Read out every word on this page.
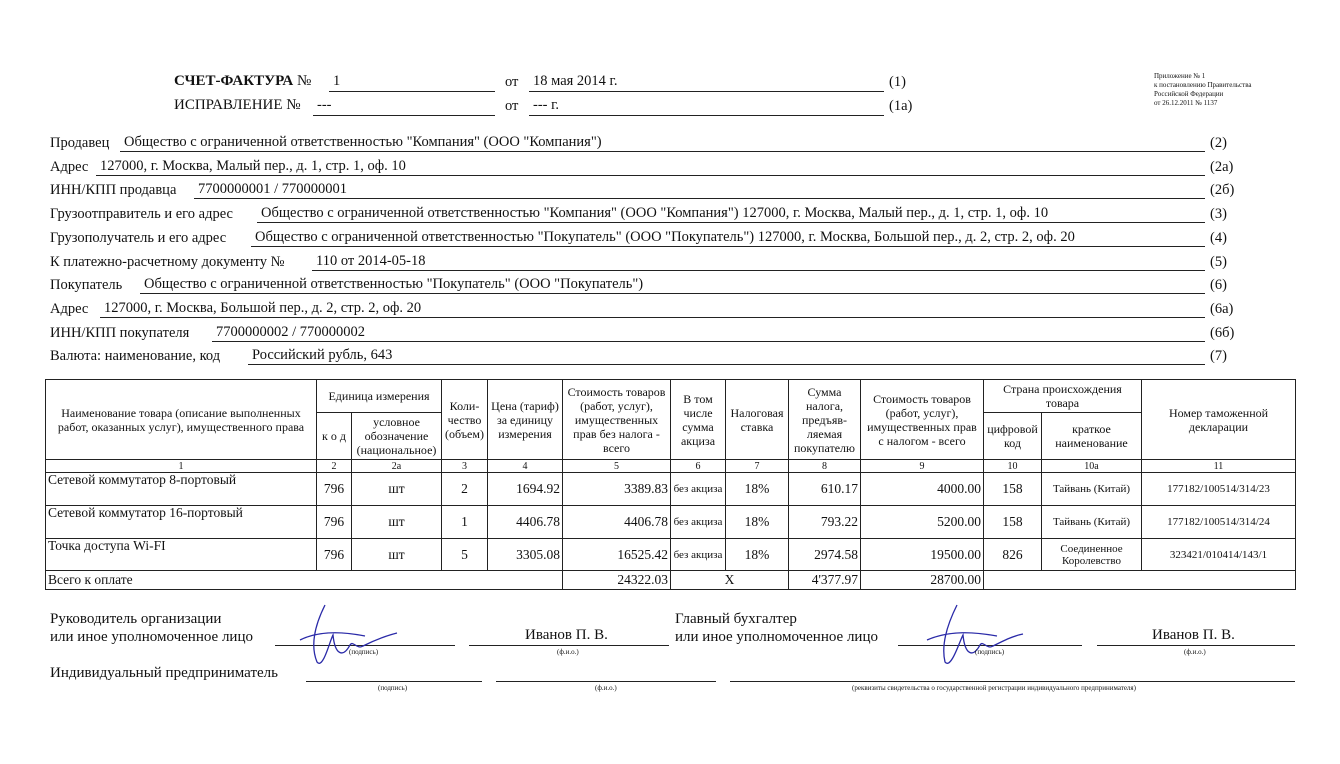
СЧЕТ-ФАКТУРА № 1	от 18 мая 2014 г.	(1)
ИСПРАВЛЕНИЕ № ---	от --- г.	(1а)
Приложение № 1
к постановлению Правительства
Российской Федерации
от 26.12.2011 № 1137
Продавец Общество с ограниченной ответственностью "Компания" (ООО "Компания")	(2)
Адрес 127000, г. Москва, Малый пер., д. 1, стр. 1, оф. 10	(2а)
ИНН/КПП продавца 7700000001 / 770000001	(2б)
Грузоотправитель и его адрес Общество с ограниченной ответственностью "Компания" (ООО "Компания") 127000, г. Москва, Малый пер., д. 1, стр. 1, оф. 10	(3)
Грузополучатель и его адрес Общество с ограниченной ответственностью "Покупатель" (ООО "Покупатель") 127000, г. Москва, Большой пер., д. 2, стр. 2, оф. 20	(4)
К платежно-расчетному документу № 110 от 2014-05-18	(5)
Покупатель Общество с ограниченной ответственностью "Покупатель" (ООО "Покупатель")	(6)
Адрес 127000, г. Москва, Большой пер., д. 2, стр. 2, оф. 20	(6а)
ИНН/КПП покупателя 7700000002 / 770000002	(6б)
Валюта: наименование, код Российский рубль, 643	(7)
Наименование товара (описание выполненных работ, оказанных услуг), имущественного права	Единица измерения		Коли-чество (объем)	Цена (тариф) за единицу измерения	Стоимость товаров (работ, услуг), имущественных прав без налога - всего	В том числе сумма акциза	Налоговая ставка	Сумма налога, предъяв-ляемая покупателю	Стоимость товаров (работ, услуг), имущественных прав с налогом - всего	Страна происхождения товара		Номер таможенной декларации
	к о д	условное обозначение (национальное)								цифровой код	краткое наименование	
1	2	2а	3	4	5	6	7	8	9	10	10а	11
Сетевой коммутатор 8-портовый	796	шт	2	1694.92	3389.83	без акциза	18%	610.17	4000.00	158	Тайвань (Китай)	177182/100514/314/23
Сетевой коммутатор 16-портовый	796	шт	1	4406.78	4406.78	без акциза	18%	793.22	5200.00	158	Тайвань (Китай)	177182/100514/314/24
Точка доступа Wi-FI	796	шт	5	3305.08	16525.42	без акциза	18%	2974.58	19500.00	826	Соединенное Королевство	323421/010414/143/1
Всего к оплате					24322.03	X		4'377.97	28700.00			
Руководитель организации
или иное уполномоченное лицо
(подпись)
Иванов П. В.
(ф.и.о.)
Главный бухгалтер
или иное уполномоченное лицо
(подпись)
Иванов П. В.
(ф.и.о.)
Индивидуальный предприниматель
(подпись)	(ф.и.о.)	(реквизиты свидетельства о государственной регистрации индивидуального предпринимателя)
